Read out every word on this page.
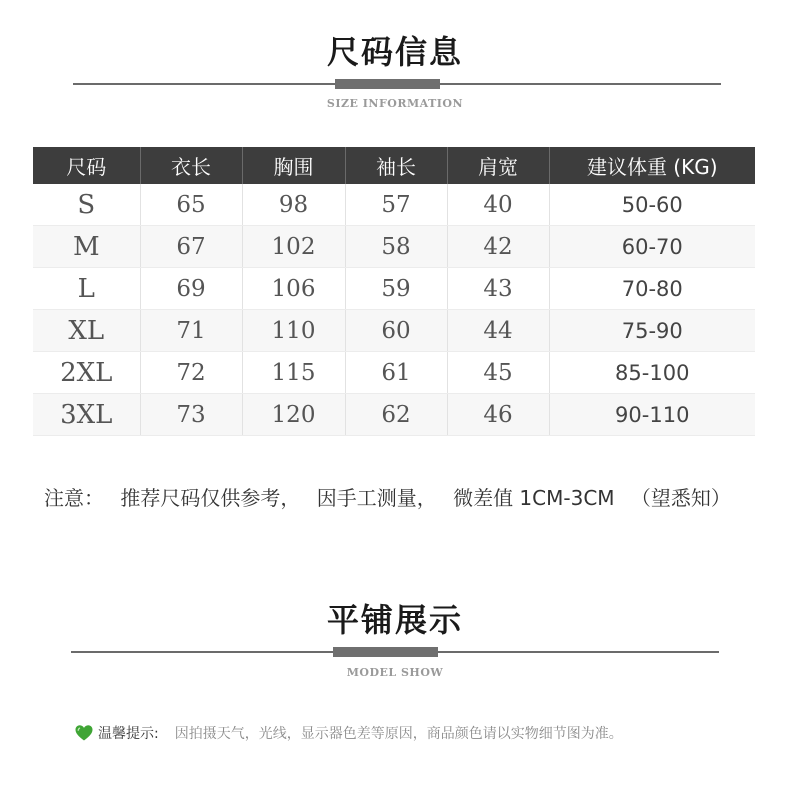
尺码信息
SIZE INFORMATION
尺码	衣长	胸围	袖长	肩宽	建议体重 (KG)
S	65	98	57	40	50-60
M	67	102	58	42	60-70
L	69	106	59	43	70-80
XL	71	110	60	44	75-90
2XL	72	115	61	45	85-100
3XL	73	120	62	46	90-110
注意： 推荐尺码仅供参考， 因手工测量， 微差值 1CM-3CM （望悉知）
平铺展示
MODEL SHOW
温馨提示: 因拍摄天气，光线，显示器色差等原因，商品颜色请以实物细节图为准。
